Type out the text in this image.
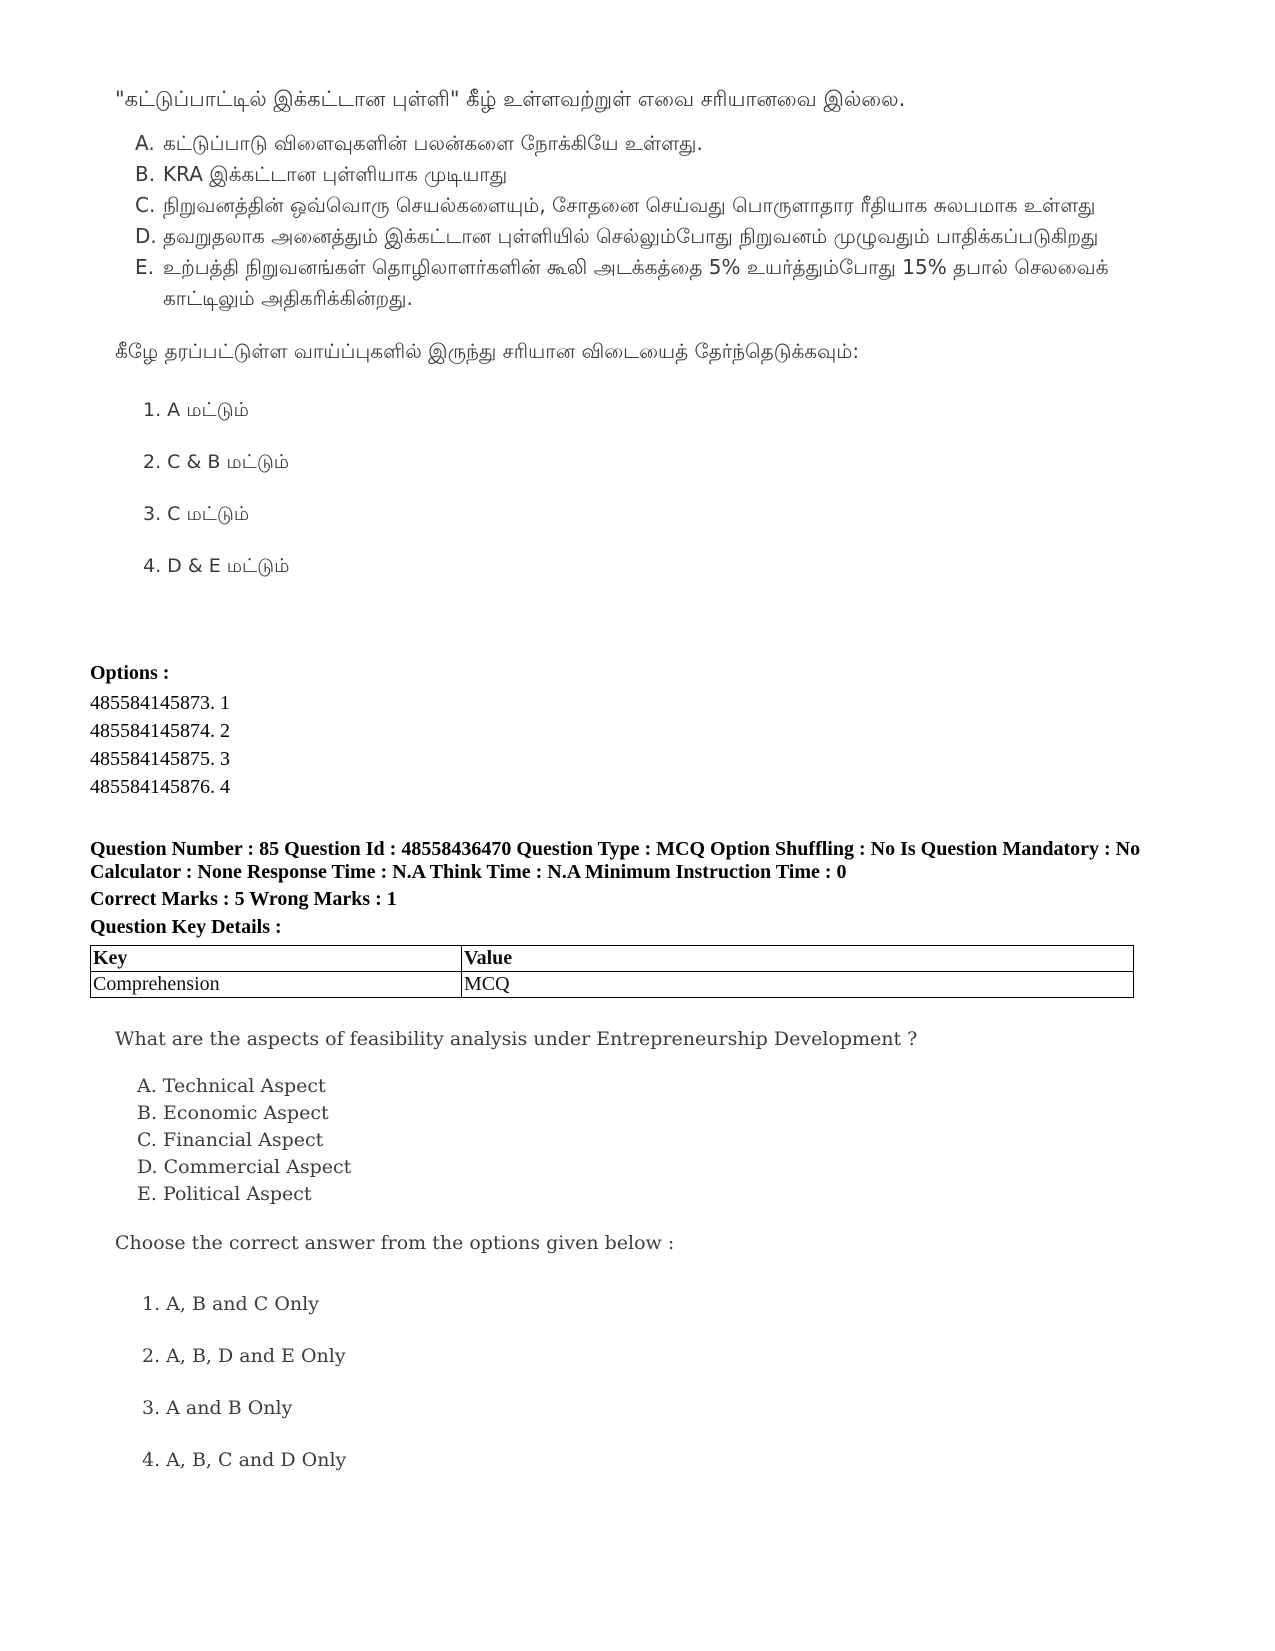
"கட்டுப்பாட்டில் இக்கட்டான புள்ளி" கீழ் உள்ளவற்றுள் எவை சரியானவை இல்லை.

A. கட்டுப்பாடு விளைவுகளின் பலன்களை நோக்கியே உள்ளது.
B. KRA இக்கட்டான புள்ளியாக முடியாது
C. நிறுவனத்தின் ஒவ்வொரு செயல்களையும், சோதனை செய்வது பொருளாதார ரீதியாக சுலபமாக உள்ளது
D. தவறுதலாக அனைத்தும் இக்கட்டான புள்ளியில் செல்லும்போது நிறுவனம் முழுவதும் பாதிக்கப்படுகிறது
E. உற்பத்தி நிறுவனங்கள் தொழிலாளர்களின் கூலி அடக்கத்தை 5% உயர்த்தும்போது 15% தபால் செலவைக் காட்டிலும் அதிகரிக்கின்றது.

கீழே தரப்பட்டுள்ள வாய்ப்புகளில் இருந்து சரியான விடையைத் தேர்ந்தெடுக்கவும்:

1. A மட்டும்
2. C & B மட்டும்
3. C மட்டும்
4. D & E மட்டும்
Options :
485584145873. 1
485584145874. 2
485584145875. 3
485584145876. 4
Question Number : 85 Question Id : 48558436470 Question Type : MCQ Option Shuffling : No Is Question Mandatory : No Calculator : None Response Time : N.A Think Time : N.A Minimum Instruction Time : 0
Correct Marks : 5 Wrong Marks : 1
Question Key Details :
Key	Value
Comprehension	MCQ

What are the aspects of feasibility analysis under Entrepreneurship Development ?

A. Technical Aspect
B. Economic Aspect
C. Financial Aspect
D. Commercial Aspect
E. Political Aspect

Choose the correct answer from the options given below :

1. A, B and C Only
2. A, B, D and E Only
3. A and B Only
4. A, B, C and D Only
